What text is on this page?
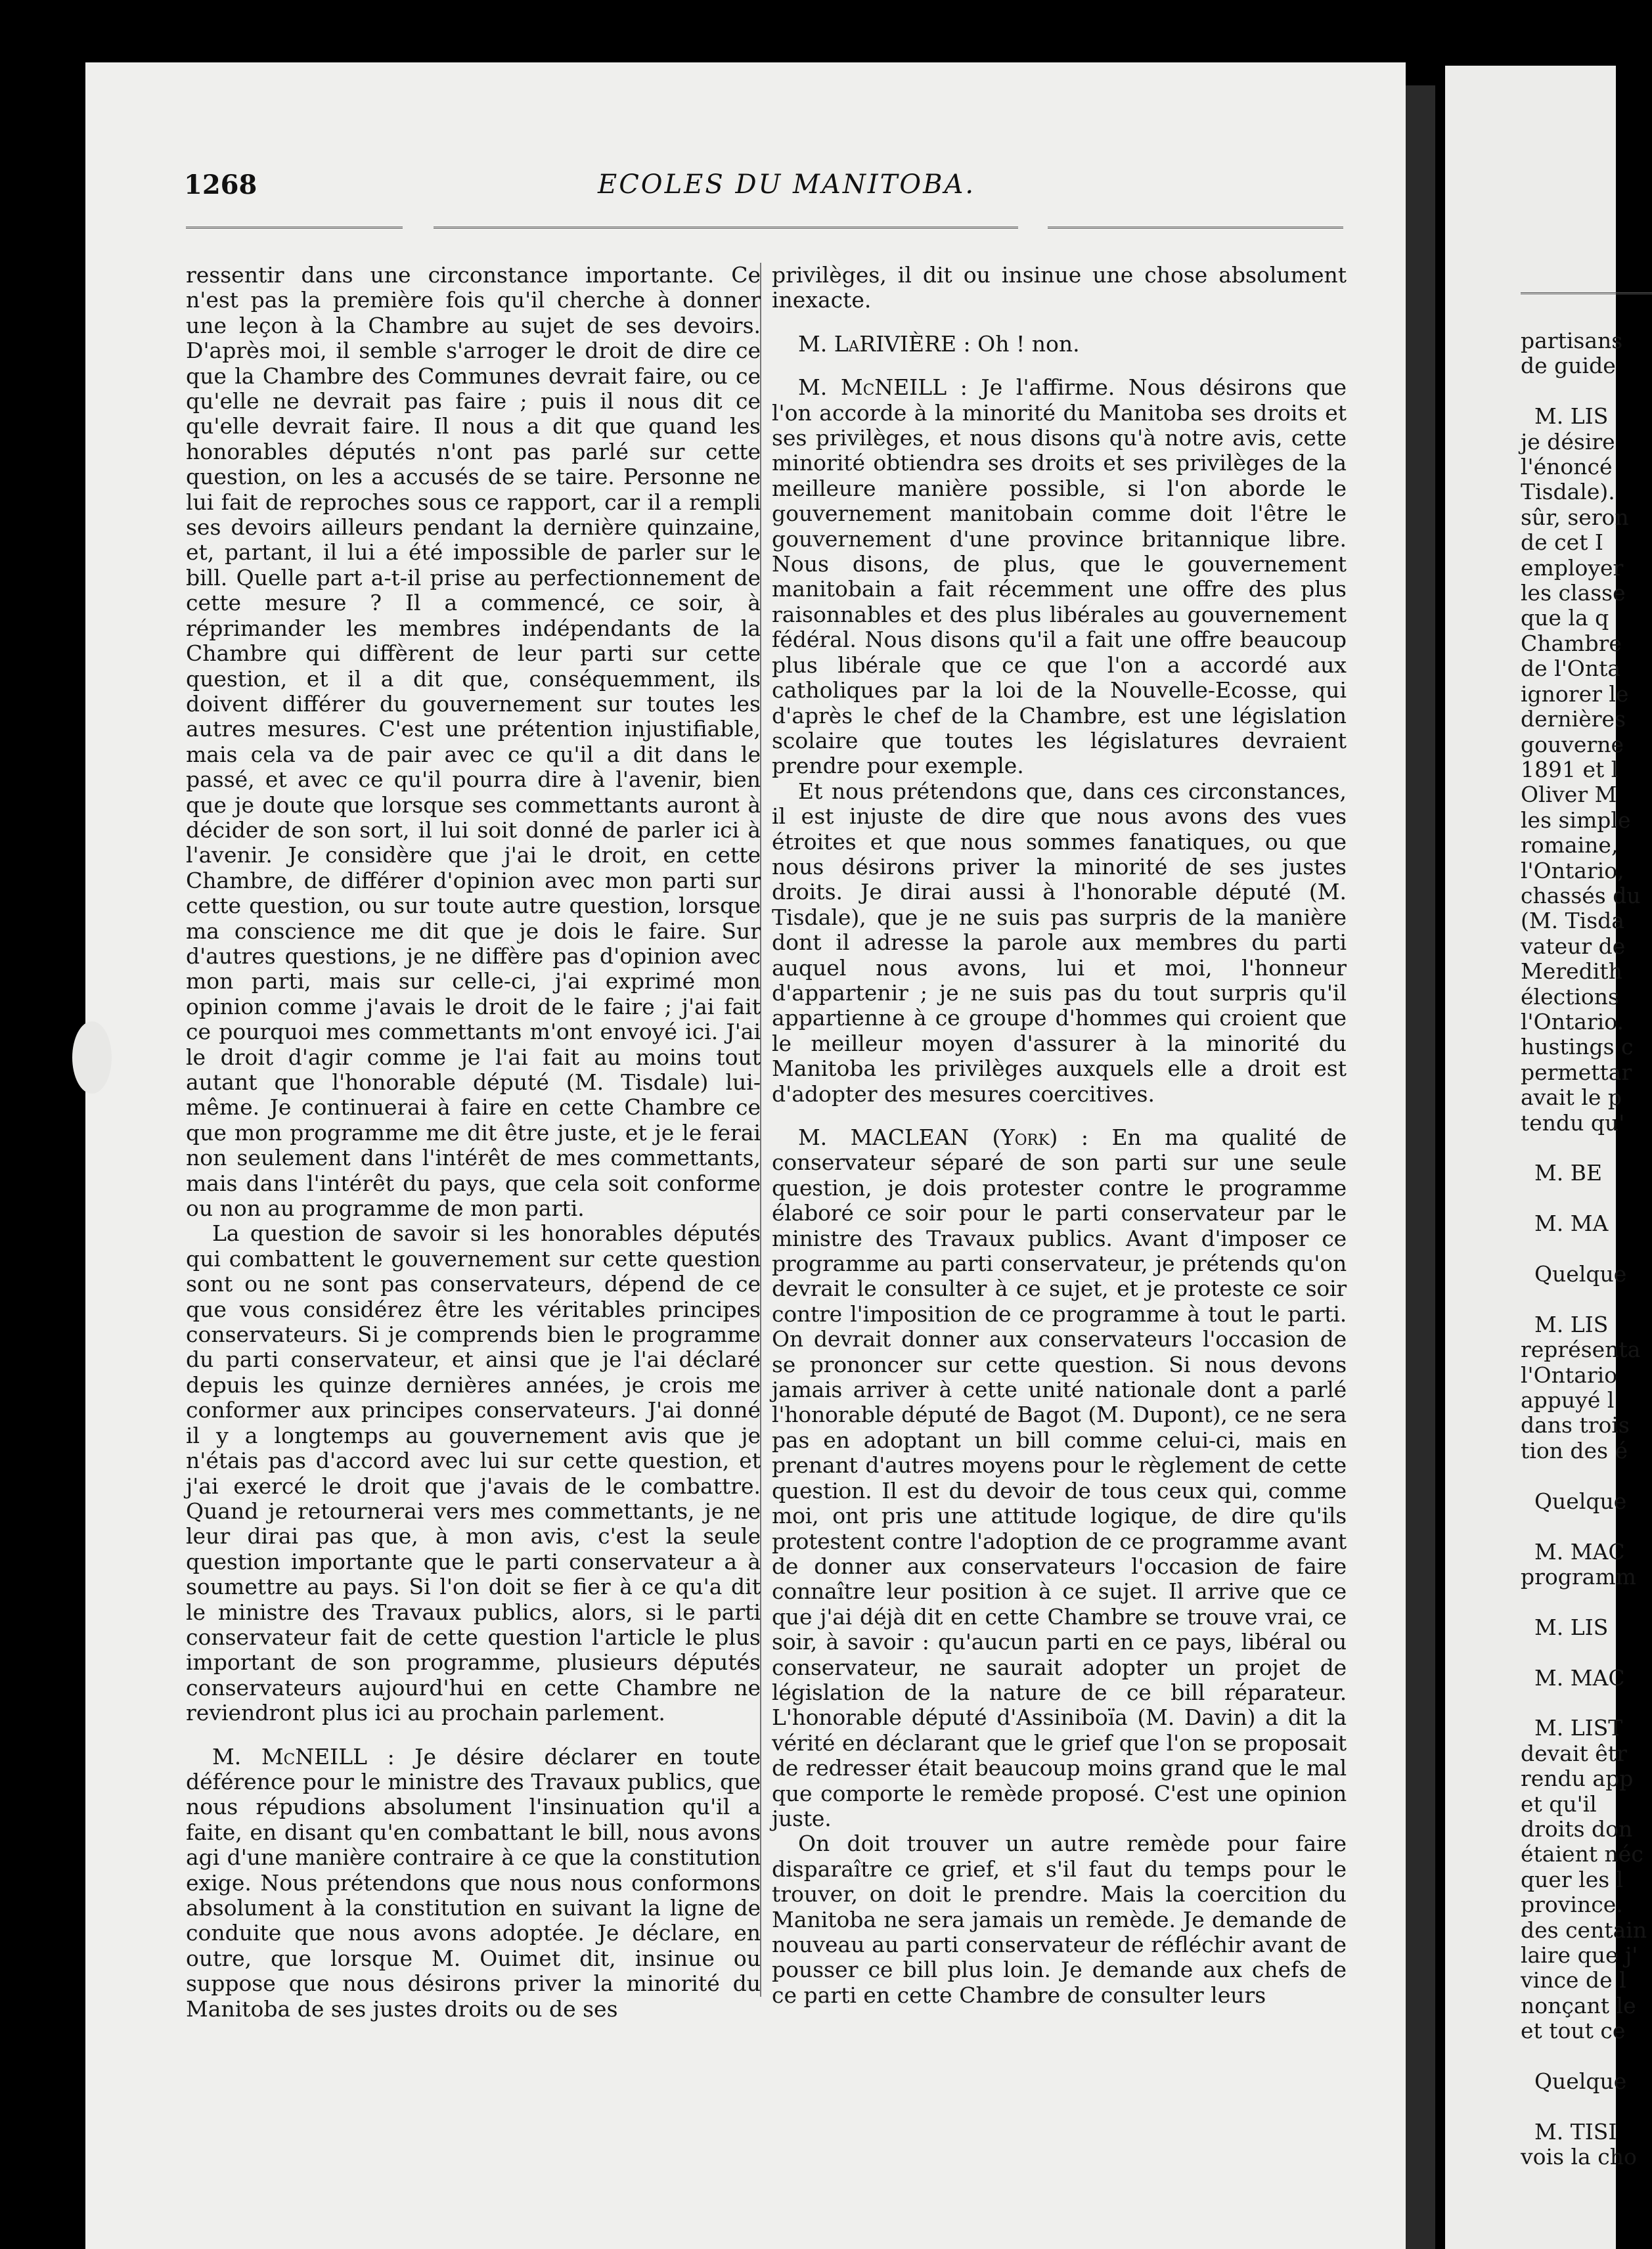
partisans
de guide

M. LIS
je désire
l'énoncé
Tisdale).
sûr, seron
de cet I
employer
les classe
que la q
Chambre
de l'Onta
ignorer le
dernières
gouverne
1891 et l
Oliver M
les simple
romaine,
l'Ontario,
chassés du
(M. Tisda
vateur de
Meredith
élections
l'Ontario.
hustings c
permettar
avait le p
tendu qu'

M. BE

M. MA

Quelque

M. LIS
représenta
l'Ontario
appuyé l
dans trois
tion des é

Quelque

M. MAC
programm

M. LIS

M. MAC

M. LIST
devait êtr
rendu app
et qu'il
droits don
étaient néc
quer les l
province.
des centain
laire que j'
vince de l
nonçant le
et tout ce

Quelque

M. TISI
vois la cho
1268	ECOLES DU MANITOBA.

ressentir dans une circonstance importante. Ce n'est pas la première fois qu'il cherche à donner une leçon à la Chambre au sujet de ses devoirs. D'après moi, il semble s'arroger le droit de dire ce que la Chambre des Communes devrait faire, ou ce qu'elle ne devrait pas faire ; puis il nous dit ce qu'elle devrait faire. Il nous a dit que quand les honorables députés n'ont pas parlé sur cette question, on les a accusés de se taire. Personne ne lui fait de reproches sous ce rapport, car il a rempli ses devoirs ailleurs pendant la dernière quinzaine, et, partant, il lui a été impossible de parler sur le bill. Quelle part a-t-il prise au perfectionnement de cette mesure ? Il a commencé, ce soir, à réprimander les membres indépendants de la Chambre qui diffèrent de leur parti sur cette question, et il a dit que, conséquemment, ils doivent différer du gouvernement sur toutes les autres mesures. C'est une prétention injustifiable, mais cela va de pair avec ce qu'il a dit dans le passé, et avec ce qu'il pourra dire à l'avenir, bien que je doute que lorsque ses commettants auront à décider de son sort, il lui soit donné de parler ici à l'avenir. Je considère que j'ai le droit, en cette Chambre, de différer d'opinion avec mon parti sur cette question, ou sur toute autre question, lorsque ma conscience me dit que je dois le faire. Sur d'autres questions, je ne diffère pas d'opinion avec mon parti, mais sur celle-ci, j'ai exprimé mon opinion comme j'avais le droit de le faire ; j'ai fait ce pourquoi mes commettants m'ont envoyé ici. J'ai le droit d'agir comme je l'ai fait au moins tout autant que l'honorable député (M. Tisdale) lui-même. Je continuerai à faire en cette Chambre ce que mon programme me dit être juste, et je le ferai non seulement dans l'intérêt de mes commettants, mais dans l'intérêt du pays, que cela soit conforme ou non au programme de mon parti.

La question de savoir si les honorables députés qui combattent le gouvernement sur cette question sont ou ne sont pas conservateurs, dépend de ce que vous considérez être les véritables principes conservateurs. Si je comprends bien le programme du parti conservateur, et ainsi que je l'ai déclaré depuis les quinze dernières années, je crois me conformer aux principes conservateurs. J'ai donné il y a longtemps au gouvernement avis que je n'étais pas d'accord avec lui sur cette question, et j'ai exercé le droit que j'avais de le combattre. Quand je retournerai vers mes commettants, je ne leur dirai pas que, à mon avis, c'est la seule question importante que le parti conservateur a à soumettre au pays. Si l'on doit se fier à ce qu'a dit le ministre des Travaux publics, alors, si le parti conservateur fait de cette question l'article le plus important de son programme, plusieurs députés conservateurs aujourd'hui en cette Chambre ne reviendront plus ici au prochain parlement.

M. McNEILL : Je désire déclarer en toute déférence pour le ministre des Travaux publics, que nous répudions absolument l'insinuation qu'il a faite, en disant qu'en combattant le bill, nous avons agi d'une manière contraire à ce que la constitution exige. Nous prétendons que nous nous conformons absolument à la constitution en suivant la ligne de conduite que nous avons adoptée. Je déclare, en outre, que lorsque M. Ouimet dit, insinue ou suppose que nous désirons priver la minorité du Manitoba de ses justes droits ou de ses

privilèges, il dit ou insinue une chose absolument inexacte.

M. LaRIVIÈRE : Oh ! non.

M. McNEILL : Je l'affirme. Nous désirons que l'on accorde à la minorité du Manitoba ses droits et ses privilèges, et nous disons qu'à notre avis, cette minorité obtiendra ses droits et ses privilèges de la meilleure manière possible, si l'on aborde le gouvernement manitobain comme doit l'être le gouvernement d'une province britannique libre. Nous disons, de plus, que le gouvernement manitobain a fait récemment une offre des plus raisonnables et des plus libérales au gouvernement fédéral. Nous disons qu'il a fait une offre beaucoup plus libérale que ce que l'on a accordé aux catholiques par la loi de la Nouvelle-Ecosse, qui d'après le chef de la Chambre, est une législation scolaire que toutes les législatures devraient prendre pour exemple.

Et nous prétendons que, dans ces circonstances, il est injuste de dire que nous avons des vues étroites et que nous sommes fanatiques, ou que nous désirons priver la minorité de ses justes droits. Je dirai aussi à l'honorable député (M. Tisdale), que je ne suis pas surpris de la manière dont il adresse la parole aux membres du parti auquel nous avons, lui et moi, l'honneur d'appartenir ; je ne suis pas du tout surpris qu'il appartienne à ce groupe d'hommes qui croient que le meilleur moyen d'assurer à la minorité du Manitoba les privilèges auxquels elle a droit est d'adopter des mesures coercitives.

M. MACLEAN (York) : En ma qualité de conservateur séparé de son parti sur une seule question, je dois protester contre le programme élaboré ce soir pour le parti conservateur par le ministre des Travaux publics. Avant d'imposer ce programme au parti conservateur, je prétends qu'on devrait le consulter à ce sujet, et je proteste ce soir contre l'imposition de ce programme à tout le parti. On devrait donner aux conservateurs l'occasion de se prononcer sur cette question. Si nous devons jamais arriver à cette unité nationale dont a parlé l'honorable député de Bagot (M. Dupont), ce ne sera pas en adoptant un bill comme celui-ci, mais en prenant d'autres moyens pour le règlement de cette question. Il est du devoir de tous ceux qui, comme moi, ont pris une attitude logique, de dire qu'ils protestent contre l'adoption de ce programme avant de donner aux conservateurs l'occasion de faire connaître leur position à ce sujet. Il arrive que ce que j'ai déjà dit en cette Chambre se trouve vrai, ce soir, à savoir : qu'aucun parti en ce pays, libéral ou conservateur, ne saurait adopter un projet de législation de la nature de ce bill réparateur. L'honorable député d'Assiniboïa (M. Davin) a dit la vérité en déclarant que le grief que l'on se proposait de redresser était beaucoup moins grand que le mal que comporte le remède proposé. C'est une opinion juste.

On doit trouver un autre remède pour faire disparaître ce grief, et s'il faut du temps pour le trouver, on doit le prendre. Mais la coercition du Manitoba ne sera jamais un remède. Je demande de nouveau au parti conservateur de réfléchir avant de pousser ce bill plus loin. Je demande aux chefs de ce parti en cette Chambre de consulter leurs
